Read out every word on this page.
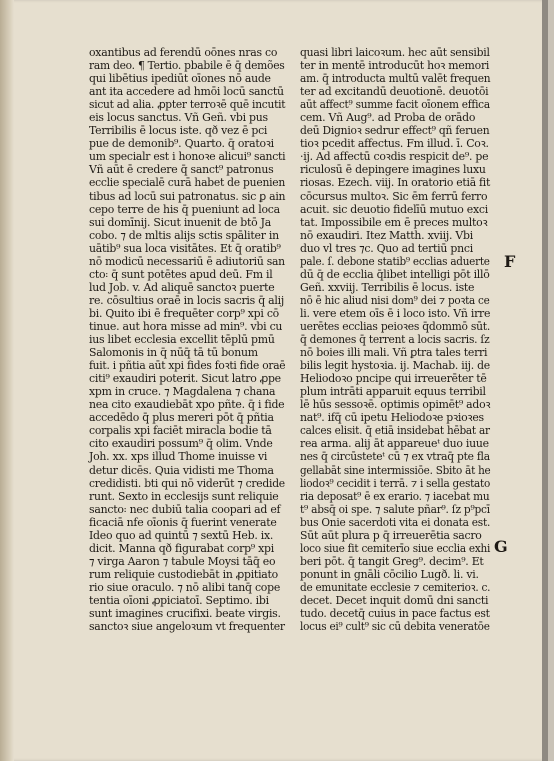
oxantibus ad ferendū oōnes nras co
ram deo. ¶ Tertio. pbabile ē q̄ demões
qui libētius ipediūt oīones nō aude
ant ita accedere ad hmōi locū sanctū
sicut ad alia. ꝓpter terroꝛē quē incutit
eis locus sanctus. Vñ Geñ. vbi pus
Terribilis ē locus iste. qð vez ē pci
pue de demonib⁹. Quarto. q̄ oratoꝛi
um specialr est i honoꝛe alicui⁹ sancti
Vñ aūt ē credere q̄ sanct⁹ patronus
ecclie specialē curā habet de puenien
tibus ad locū sui patronatus. sic ꝑ ain
cepo terre de his q̄ pueniunt ad loca
sui domīnij. Sicut inuenit de btō Ja
cobo. ⁊ de mltis alijs sctis spāliter in
uātib⁹ sua loca visitātes. Et q̄ oratib⁹
nō modicū necessariū ē adiutoriū san
cto꞉ q̄ sunt potētes apud deū. Fm il
lud Job. v. Ad aliquē sanctoꝛ puerte
re. cōsultius oraē in locis sacris q̄ alij
bi. Quito ibi ē frequēter corp⁹ xpi cō
tinue. aut hora misse ad min⁹. vbi cu
ius libet ecclesia excellit tēplū pmū
Salomonis in q̄ nūq̄ tā tū bonum
fuit. i pñtia aūt xpi fides foꝛti fide oraē
citi⁹ exaudiri poterit. Sicut latro ꝓpe
xpm in cruce. ⁊ Magdalena ⁊ chana
nea cito exaudiebāt xpo pñte. q̄ i fide
accedēdo q̄ plus mereri pōt q̄ pñtia
corpalis xpi faciēt miracla bodie tā
cito exaudiri possum⁹ q̄ olim. Vnde
Joh. xx. xps illud Thome inuisse vi
detur dicēs. Quia vidisti me Thoma
credidisti. bti qui nō viderūt ⁊ credide
runt. Sexto in ecclesijs sunt reliquie
sancto꞉ nec dubiū talia coopari ad ef
ficaciā nfe oīonis q̄ fuerint venerate
Ideo quo ad quintū ⁊ sextū Heb. ix.
dicit. Manna qð figurabat corp⁹ xpi
⁊ virga Aaron ⁊ tabule Moysi tāq̄ eo
rum reliquie custodiebāt in ꝓpitiato
rio siue oraculo. ⁊ nō alibi tanq̄ cope
tentia oīoni ꝓpiciatoī. Septimo. ibi
sunt imagines crucifixi. beate virgis.
sanctoꝛ siue angeloꝛum vt frequenter
quasi libri laicoꝛum. hec aūt sensibil
ter in mentē introducūt hoꝛ memori
am. q̄ introducta multū valēt frequen
ter ad excitandū deuotionē. deuotōi
aūt affect⁹ summe facit oīonem effica
cem. Vñ Aug⁹. ad Proba de orādo
deū Dignioꝛ sedrur effect⁹ qñ feruen
tioꝛ pcedit affectus. Fm illud. ī. Coꝛ.
·ij. Ad affectū coꝛdis respicit de⁹. pe
riculosū ē depingere imagines luxu
riosas. Ezech. viij. In oratorio etiā fit
cōcursus multoꝛ. Sic ēm ferrū ferro
acuit. sic deuotio fidelīū mutuo exci
tat. Impossibile em ē preces multoꝛ
nō exaudiri. Itez Matth. xviij. Vbi
duo vl tres ⁊c. Quo ad tertiū pnci
pale. ſ. debone statib⁹ ecclias aduerte
dū q̄ de ecclia q̄libet intelligi pōt illō
Geñ. xxviij. Terribilis ē locus. iste
nō ē hic aliud nisi dom⁹ dei ⁊ poꝛta ce
li. vere etem oīs ē i loco isto. Vñ irre
uerētes ecclias peioꝛes q̄dommō sūt.
q̄ demones q̄ terrent a locis sacris. ſz
nō boies illi mali. Vñ ꝑtra tales terri
bilis legit hystoꝛia. ij. Machab. iij. de
Heliodoꝛo pncipe qui irreuerēter tē
plum intrāti apparuit equus terribil
lē hūs sessoꝛē. optimis opimēt⁹ adoꝛ
nat⁹. ifq̄ cū ipetu Heliodoꝛe pꝛioꝛes
calces elisit. q̄ etiā insidebat hēbat ar
rea arma. alij āt appareueᵗ duo iuue
nes q̄ circūsteteᵗ cū ⁊ ex vtraq̄ pte fla
gellabāt sine intermissiōe. Sbito āt he
liodoꝛ⁹ cecidit i terrā. ⁊ i sella gestato
ria deposat⁹ ē ex erario. ⁊ iacebat mu
t⁹ absq̄ oi spe. ⁊ salute pñar⁹. ſz p⁹pcī
bus Onie sacerdoti vita ei donata est.
Sūt aūt plura p q̄ irreuerētia sacro
loco siue fit cemiterīo siue ecclia exhi
beri pōt. q̄ tangit Greg⁹. decim⁹. Et
ponunt in gnāli cōcilio Lugð. li. vi.
de emunitate ecclesie ⁊ cemiterioꝛ. c.
decet. Decet inquit domū dni sancti
tudo. decetq̄ cuius in pace factus est
locus ei⁹ cult⁹ sic cū debita veneratōe
F
G
